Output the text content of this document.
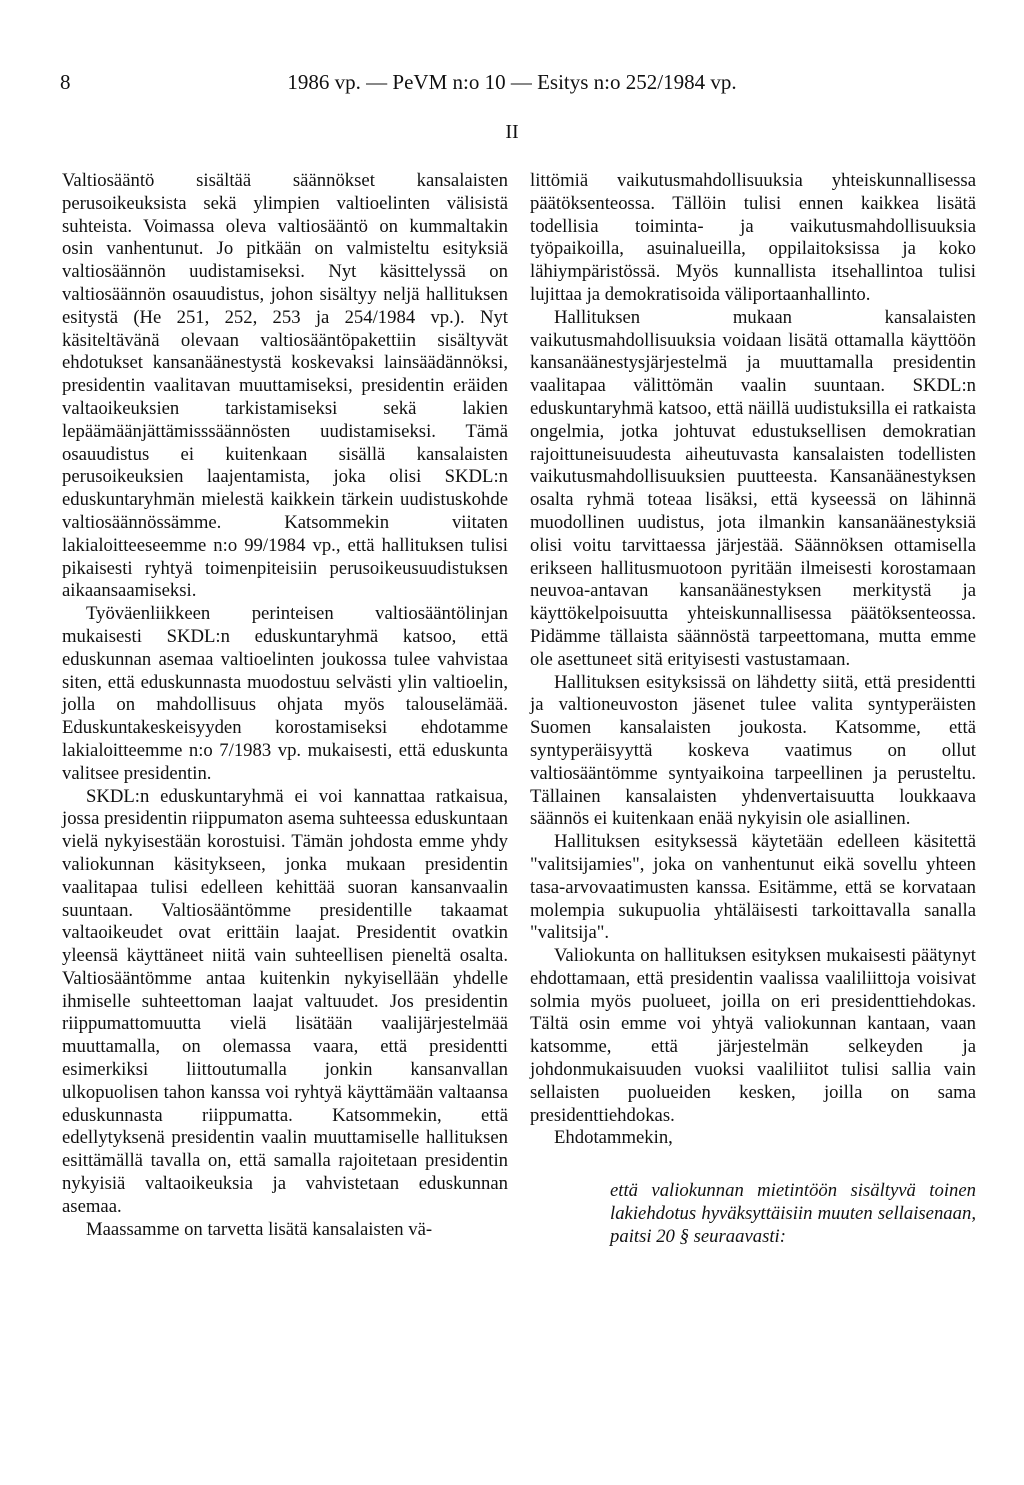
8	1986 vp. — PeVM n:o 10 — Esitys n:o 252/1984 vp.
II

Valtiosääntö sisältää säännökset kansalaisten perusoikeuksista sekä ylimpien valtioelinten välisistä suhteista. Voimassa oleva valtiosääntö on kummaltakin osin vanhentunut. Jo pitkään on valmisteltu esityksiä valtiosäännön uudistamiseksi. Nyt käsittelyssä on valtiosäännön osauudistus, johon sisältyy neljä hallituksen esitystä (He 251, 252, 253 ja 254/1984 vp.). Nyt käsiteltävänä olevaan valtiosääntöpakettiin sisältyvät ehdotukset kansanäänestystä koskevaksi lainsäädännöksi, presidentin vaalitavan muuttamiseksi, presidentin eräiden valtaoikeuksien tarkistamiseksi sekä lakien lepäämäänjättämisssäännösten uudistamiseksi. Tämä osauudistus ei kuitenkaan sisällä kansalaisten perusoikeuksien laajentamista, joka olisi SKDL:n eduskuntaryhmän mielestä kaikkein tärkein uudistuskohde valtiosäännössämme. Katsommekin viitaten lakialoitteeseemme n:o 99/1984 vp., että hallituksen tulisi pikaisesti ryhtyä toimenpiteisiin perusoikeusuudistuksen aikaansaamiseksi.

Työväenliikkeen perinteisen valtiosääntölinjan mukaisesti SKDL:n eduskuntaryhmä katsoo, että eduskunnan asemaa valtioelinten joukossa tulee vahvistaa siten, että eduskunnasta muodostuu selvästi ylin valtioelin, jolla on mahdollisuus ohjata myös talouselämää. Eduskuntakeskeisyyden korostamiseksi ehdotamme lakialoitteemme n:o 7/1983 vp. mukaisesti, että eduskunta valitsee presidentin.

SKDL:n eduskuntaryhmä ei voi kannattaa ratkaisua, jossa presidentin riippumaton asema suhteessa eduskuntaan vielä nykyisestään korostuisi. Tämän johdosta emme yhdy valiokunnan käsitykseen, jonka mukaan presidentin vaalitapaa tulisi edelleen kehittää suoran kansanvaalin suuntaan. Valtiosääntömme presidentille takaamat valtaoikeudet ovat erittäin laajat. Presidentit ovatkin yleensä käyttäneet niitä vain suhteellisen pieneltä osalta. Valtiosääntömme antaa kuitenkin nykyisellään yhdelle ihmiselle suhteettoman laajat valtuudet. Jos presidentin riippumattomuutta vielä lisätään vaalijärjestelmää muuttamalla, on olemassa vaara, että presidentti esimerkiksi liittoutumalla jonkin kansanvallan ulkopuolisen tahon kanssa voi ryhtyä käyttämään valtaansa eduskunnasta riippumatta. Katsommekin, että edellytyksenä presidentin vaalin muuttamiselle hallituksen esittämällä tavalla on, että samalla rajoitetaan presidentin nykyisiä valtaoikeuksia ja vahvistetaan eduskunnan asemaa.

Maassamme on tarvetta lisätä kansalaisten vä-

littömiä vaikutusmahdollisuuksia yhteiskunnallisessa päätöksenteossa. Tällöin tulisi ennen kaikkea lisätä todellisia toiminta- ja vaikutusmahdollisuuksia työpaikoilla, asuinalueilla, oppilaitoksissa ja koko lähiympäristössä. Myös kunnallista itsehallintoa tulisi lujittaa ja demokratisoida väliportaanhallinto.

Hallituksen mukaan kansalaisten vaikutusmahdollisuuksia voidaan lisätä ottamalla käyttöön kansanäänestysjärjestelmä ja muuttamalla presidentin vaalitapaa välittömän vaalin suuntaan. SKDL:n eduskuntaryhmä katsoo, että näillä uudistuksilla ei ratkaista ongelmia, jotka johtuvat edustuksellisen demokratian rajoittuneisuudesta aiheutuvasta kansalaisten todellisten vaikutusmahdollisuuksien puutteesta. Kansanäänestyksen osalta ryhmä toteaa lisäksi, että kyseessä on lähinnä muodollinen uudistus, jota ilmankin kansanäänestyksiä olisi voitu tarvittaessa järjestää. Säännöksen ottamisella erikseen hallitusmuotoon pyritään ilmeisesti korostamaan neuvoa-antavan kansanäänestyksen merkitystä ja käyttökelpoisuutta yhteiskunnallisessa päätöksenteossa. Pidämme tällaista säännöstä tarpeettomana, mutta emme ole asettuneet sitä erityisesti vastustamaan.

Hallituksen esityksissä on lähdetty siitä, että presidentti ja valtioneuvoston jäsenet tulee valita syntyperäisten Suomen kansalaisten joukosta. Katsomme, että syntyperäisyyttä koskeva vaatimus on ollut valtiosääntömme syntyaikoina tarpeellinen ja perusteltu. Tällainen kansalaisten yhdenvertaisuutta loukkaava säännös ei kuitenkaan enää nykyisin ole asiallinen.

Hallituksen esityksessä käytetään edelleen käsitettä "valitsijamies", joka on vanhentunut eikä sovellu yhteen tasa-arvovaatimusten kanssa. Esitämme, että se korvataan molempia sukupuolia yhtäläisesti tarkoittavalla sanalla "valitsija".

Valiokunta on hallituksen esityksen mukaisesti päätynyt ehdottamaan, että presidentin vaalissa vaaliliittoja voisivat solmia myös puolueet, joilla on eri presidenttiehdokas. Tältä osin emme voi yhtyä valiokunnan kantaan, vaan katsomme, että järjestelmän selkeyden ja johdonmukaisuuden vuoksi vaaliliitot tulisi sallia vain sellaisten puolueiden kesken, joilla on sama presidenttiehdokas.

Ehdotammekin,

että valiokunnan mietintöön sisältyvä toinen lakiehdotus hyväksyttäisiin muuten sellaisenaan, paitsi 20 § seuraavasti:
